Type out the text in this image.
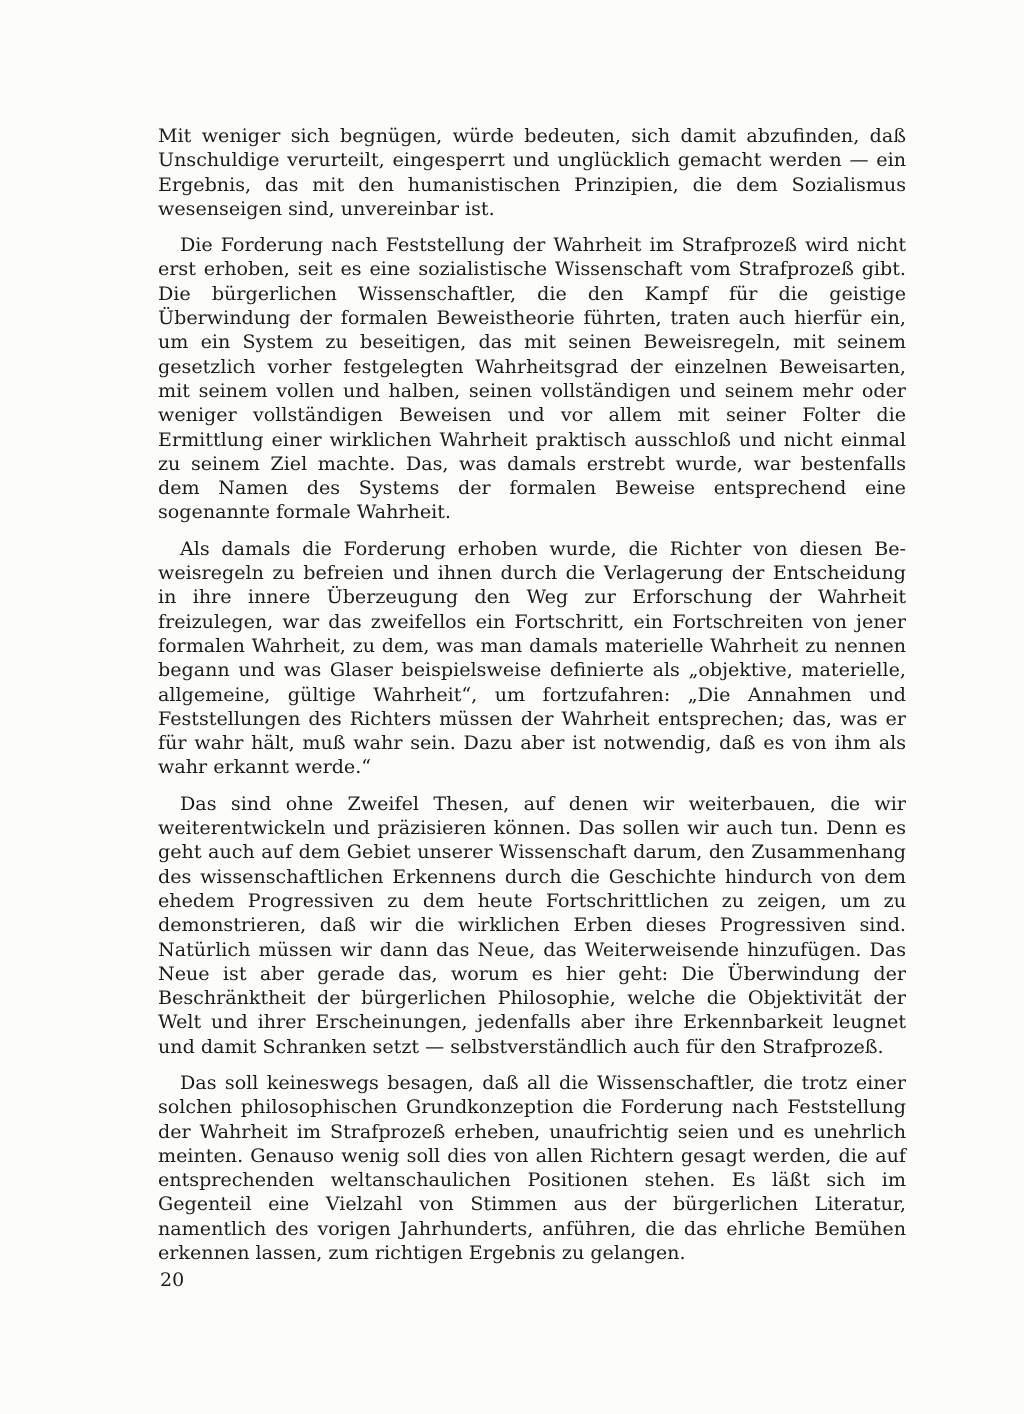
Mit weniger sich begnügen, würde bedeuten, sich damit abzufinden, daß Unschuldige verurteilt, eingesperrt und unglücklich gemacht werden — ein Ergebnis, das mit den humanistischen Prinzipien, die dem Sozialismus wesenseigen sind, unvereinbar ist.

Die Forderung nach Feststellung der Wahrheit im Strafprozeß wird nicht erst erhoben, seit es eine sozialistische Wissenschaft vom Strafprozeß gibt. Die bürgerlichen Wissenschaftler, die den Kampf für die geistige Überwindung der formalen Beweistheorie führten, traten auch hierfür ein, um ein System zu beseitigen, das mit seinen Beweisregeln, mit seinem gesetzlich vorher festgelegten Wahrheitsgrad der einzelnen Beweisarten, mit seinem vollen und halben, seinen vollständigen und seinem mehr oder weniger vollständigen Beweisen und vor allem mit seiner Folter die Ermittlung einer wirklichen Wahrheit praktisch ausschloß und nicht einmal zu seinem Ziel machte. Das, was damals erstrebt wurde, war bestenfalls dem Namen des Systems der formalen Beweise entsprechend eine sogenannte formale Wahrheit.

Als damals die Forderung erhoben wurde, die Richter von diesen Beweisregeln zu befreien und ihnen durch die Verlagerung der Entscheidung in ihre innere Überzeugung den Weg zur Erforschung der Wahrheit freizulegen, war das zweifellos ein Fortschritt, ein Fortschreiten von jener formalen Wahrheit, zu dem, was man damals materielle Wahrheit zu nennen begann und was Glaser beispielsweise definierte als „objektive, materielle, allgemeine, gültige Wahrheit“, um fortzufahren: „Die Annahmen und Feststellungen des Richters müssen der Wahrheit entsprechen; das, was er für wahr hält, muß wahr sein. Dazu aber ist notwendig, daß es von ihm als wahr erkannt werde.“

Das sind ohne Zweifel Thesen, auf denen wir weiterbauen, die wir weiterentwickeln und präzisieren können. Das sollen wir auch tun. Denn es geht auch auf dem Gebiet unserer Wissenschaft darum, den Zusammenhang des wissenschaftlichen Erkennens durch die Geschichte hindurch von dem ehedem Progressiven zu dem heute Fortschrittlichen zu zeigen, um zu demonstrieren, daß wir die wirklichen Erben dieses Progressiven sind. Natürlich müssen wir dann das Neue, das Weiterweisende hinzufügen. Das Neue ist aber gerade das, worum es hier geht: Die Überwindung der Beschränktheit der bürgerlichen Philosophie, welche die Objektivität der Welt und ihrer Erscheinungen, jedenfalls aber ihre Erkennbarkeit leugnet und damit Schranken setzt — selbstverständlich auch für den Strafprozeß.

Das soll keineswegs besagen, daß all die Wissenschaftler, die trotz einer solchen philosophischen Grundkonzeption die Forderung nach Feststellung der Wahrheit im Strafprozeß erheben, unaufrichtig seien und es unehrlich meinten. Genauso wenig soll dies von allen Richtern gesagt werden, die auf entsprechenden weltanschaulichen Positionen stehen. Es läßt sich im Gegenteil eine Vielzahl von Stimmen aus der bürgerlichen Literatur, namentlich des vorigen Jahrhunderts, anführen, die das ehrliche Bemühen erkennen lassen, zum richtigen Ergebnis zu gelangen.

20
